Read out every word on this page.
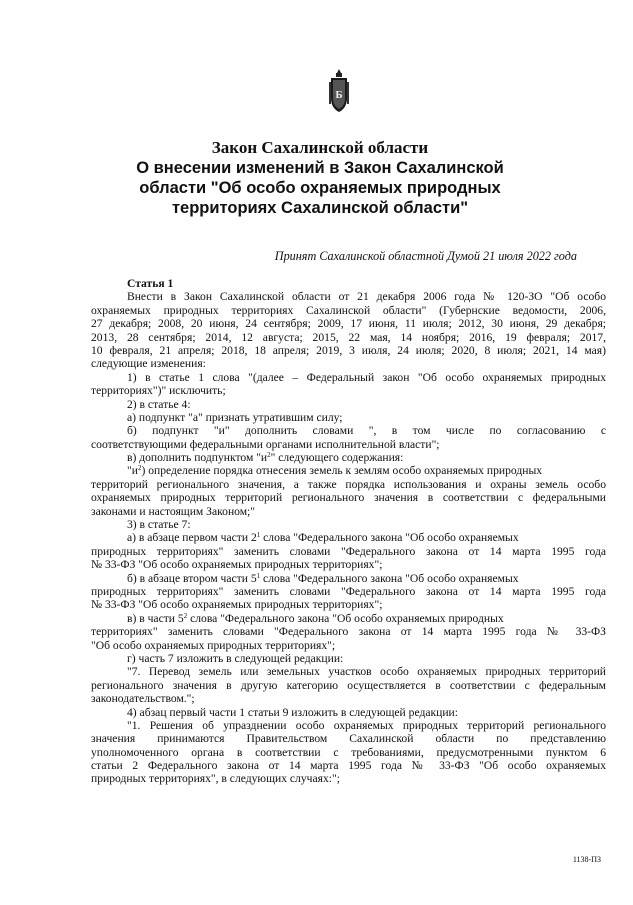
Б
Закон Сахалинской области
О внесении изменений в Закон Сахалинской
области "Об особо охраняемых природных
территориях Сахалинской области"
Принят Сахалинской областной Думой 21 июля 2022 года
Статья 1
Внести в Закон Сахалинской области от 21 декабря 2006 года № 120-ЗО "Об особо
охраняемых природных территориях Сахалинской области" (Губернские ведомости, 2006,
27 декабря; 2008, 20 июня, 24 сентября; 2009, 17 июня, 11 июля; 2012, 30 июня, 29 декабря;
2013, 28 сентября; 2014, 12 августа; 2015, 22 мая, 14 ноября; 2016, 19 февраля; 2017,
10 февраля, 21 апреля; 2018, 18 апреля; 2019, 3 июля, 24 июля; 2020, 8 июля; 2021, 14 мая)
следующие изменения:
1) в статье 1 слова "(далее – Федеральный закон "Об особо охраняемых природных
территориях")" исключить;
2) в статье 4:
а) подпункт "а" признать утратившим силу;
б) подпункт "и" дополнить словами ", в том числе по согласованию с
соответствующими федеральными органами исполнительной власти";
в) дополнить подпунктом "$и^2$" следующего содержания:
"$и^2$) определение порядка отнесения земель к землям особо охраняемых природных
территорий регионального значения, а также порядка использования и охраны земель особо
охраняемых природных территорий регионального значения в соответствии с федеральными
законами и настоящим Законом;"
3) в статье 7:
а) в абзаце первом части $2^1$ слова "Федерального закона "Об особо охраняемых
природных территориях" заменить словами "Федерального закона от 14 марта 1995 года
№ 33-ФЗ "Об особо охраняемых природных территориях";
б) в абзаце втором части $5^1$ слова "Федерального закона "Об особо охраняемых
природных территориях" заменить словами "Федерального закона от 14 марта 1995 года
№ 33-ФЗ "Об особо охраняемых природных территориях";
в) в части $5^2$ слова "Федерального закона "Об особо охраняемых природных
территориях" заменить словами "Федерального закона от 14 марта 1995 года № 33-ФЗ
"Об особо охраняемых природных территориях";
г) часть 7 изложить в следующей редакции:
"7. Перевод земель или земельных участков особо охраняемых природных территорий
регионального значения в другую категорию осуществляется в соответствии с федеральным
законодательством.";
4) абзац первый части 1 статьи 9 изложить в следующей редакции:
"1. Решения об упразднении особо охраняемых природных территорий регионального
значения принимаются Правительством Сахалинской области по представлению
уполномоченного органа в соответствии с требованиями, предусмотренными пунктом 6
статьи 2 Федерального закона от 14 марта 1995 года № 33-ФЗ "Об особо охраняемых
природных территориях", в следующих случаях:";
1138-ПЗ
